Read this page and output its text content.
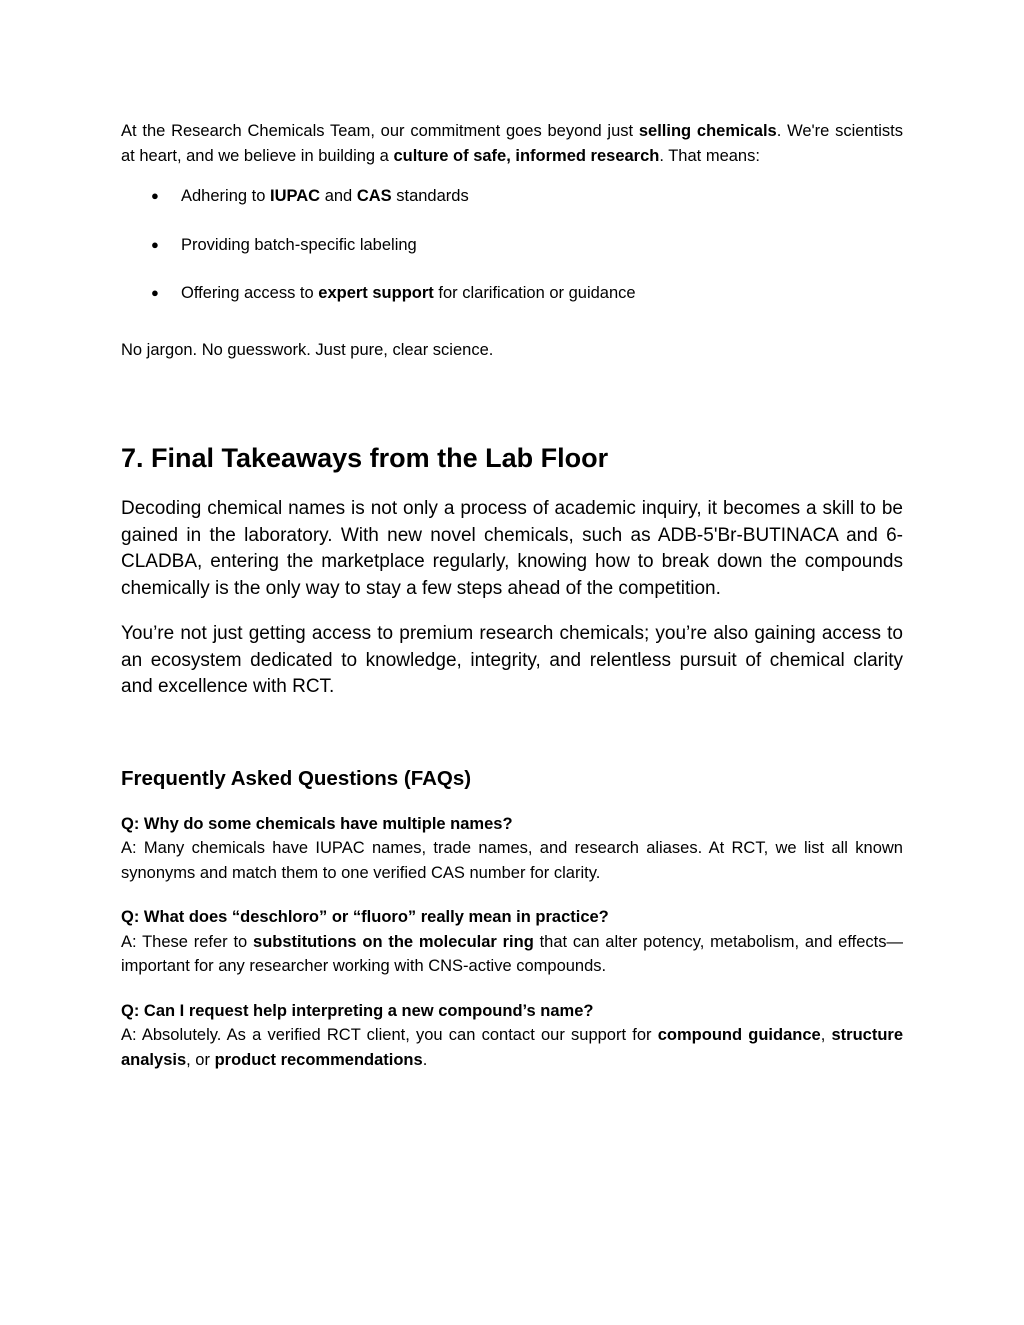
At the Research Chemicals Team, our commitment goes beyond just selling chemicals. We're scientists at heart, and we believe in building a culture of safe, informed research. That means:

● Adhering to IUPAC and CAS standards
● Providing batch-specific labeling
● Offering access to expert support for clarification or guidance

No jargon. No guesswork. Just pure, clear science.

7. Final Takeaways from the Lab Floor

Decoding chemical names is not only a process of academic inquiry, it becomes a skill to be gained in the laboratory. With new novel chemicals, such as ADB-5'Br-BUTINACA and 6-CLADBA, entering the marketplace regularly, knowing how to break down the compounds chemically is the only way to stay a few steps ahead of the competition.

You’re not just getting access to premium research chemicals; you’re also gaining access to an ecosystem dedicated to knowledge, integrity, and relentless pursuit of chemical clarity and excellence with RCT.

Frequently Asked Questions (FAQs)

Q: Why do some chemicals have multiple names?

A: Many chemicals have IUPAC names, trade names, and research aliases. At RCT, we list all known synonyms and match them to one verified CAS number for clarity.

Q: What does “deschloro” or “fluoro” really mean in practice?

A: These refer to substitutions on the molecular ring that can alter potency, metabolism, and effects—important for any researcher working with CNS-active compounds.

Q: Can I request help interpreting a new compound’s name?

A: Absolutely. As a verified RCT client, you can contact our support for compound guidance, structure analysis, or product recommendations.
